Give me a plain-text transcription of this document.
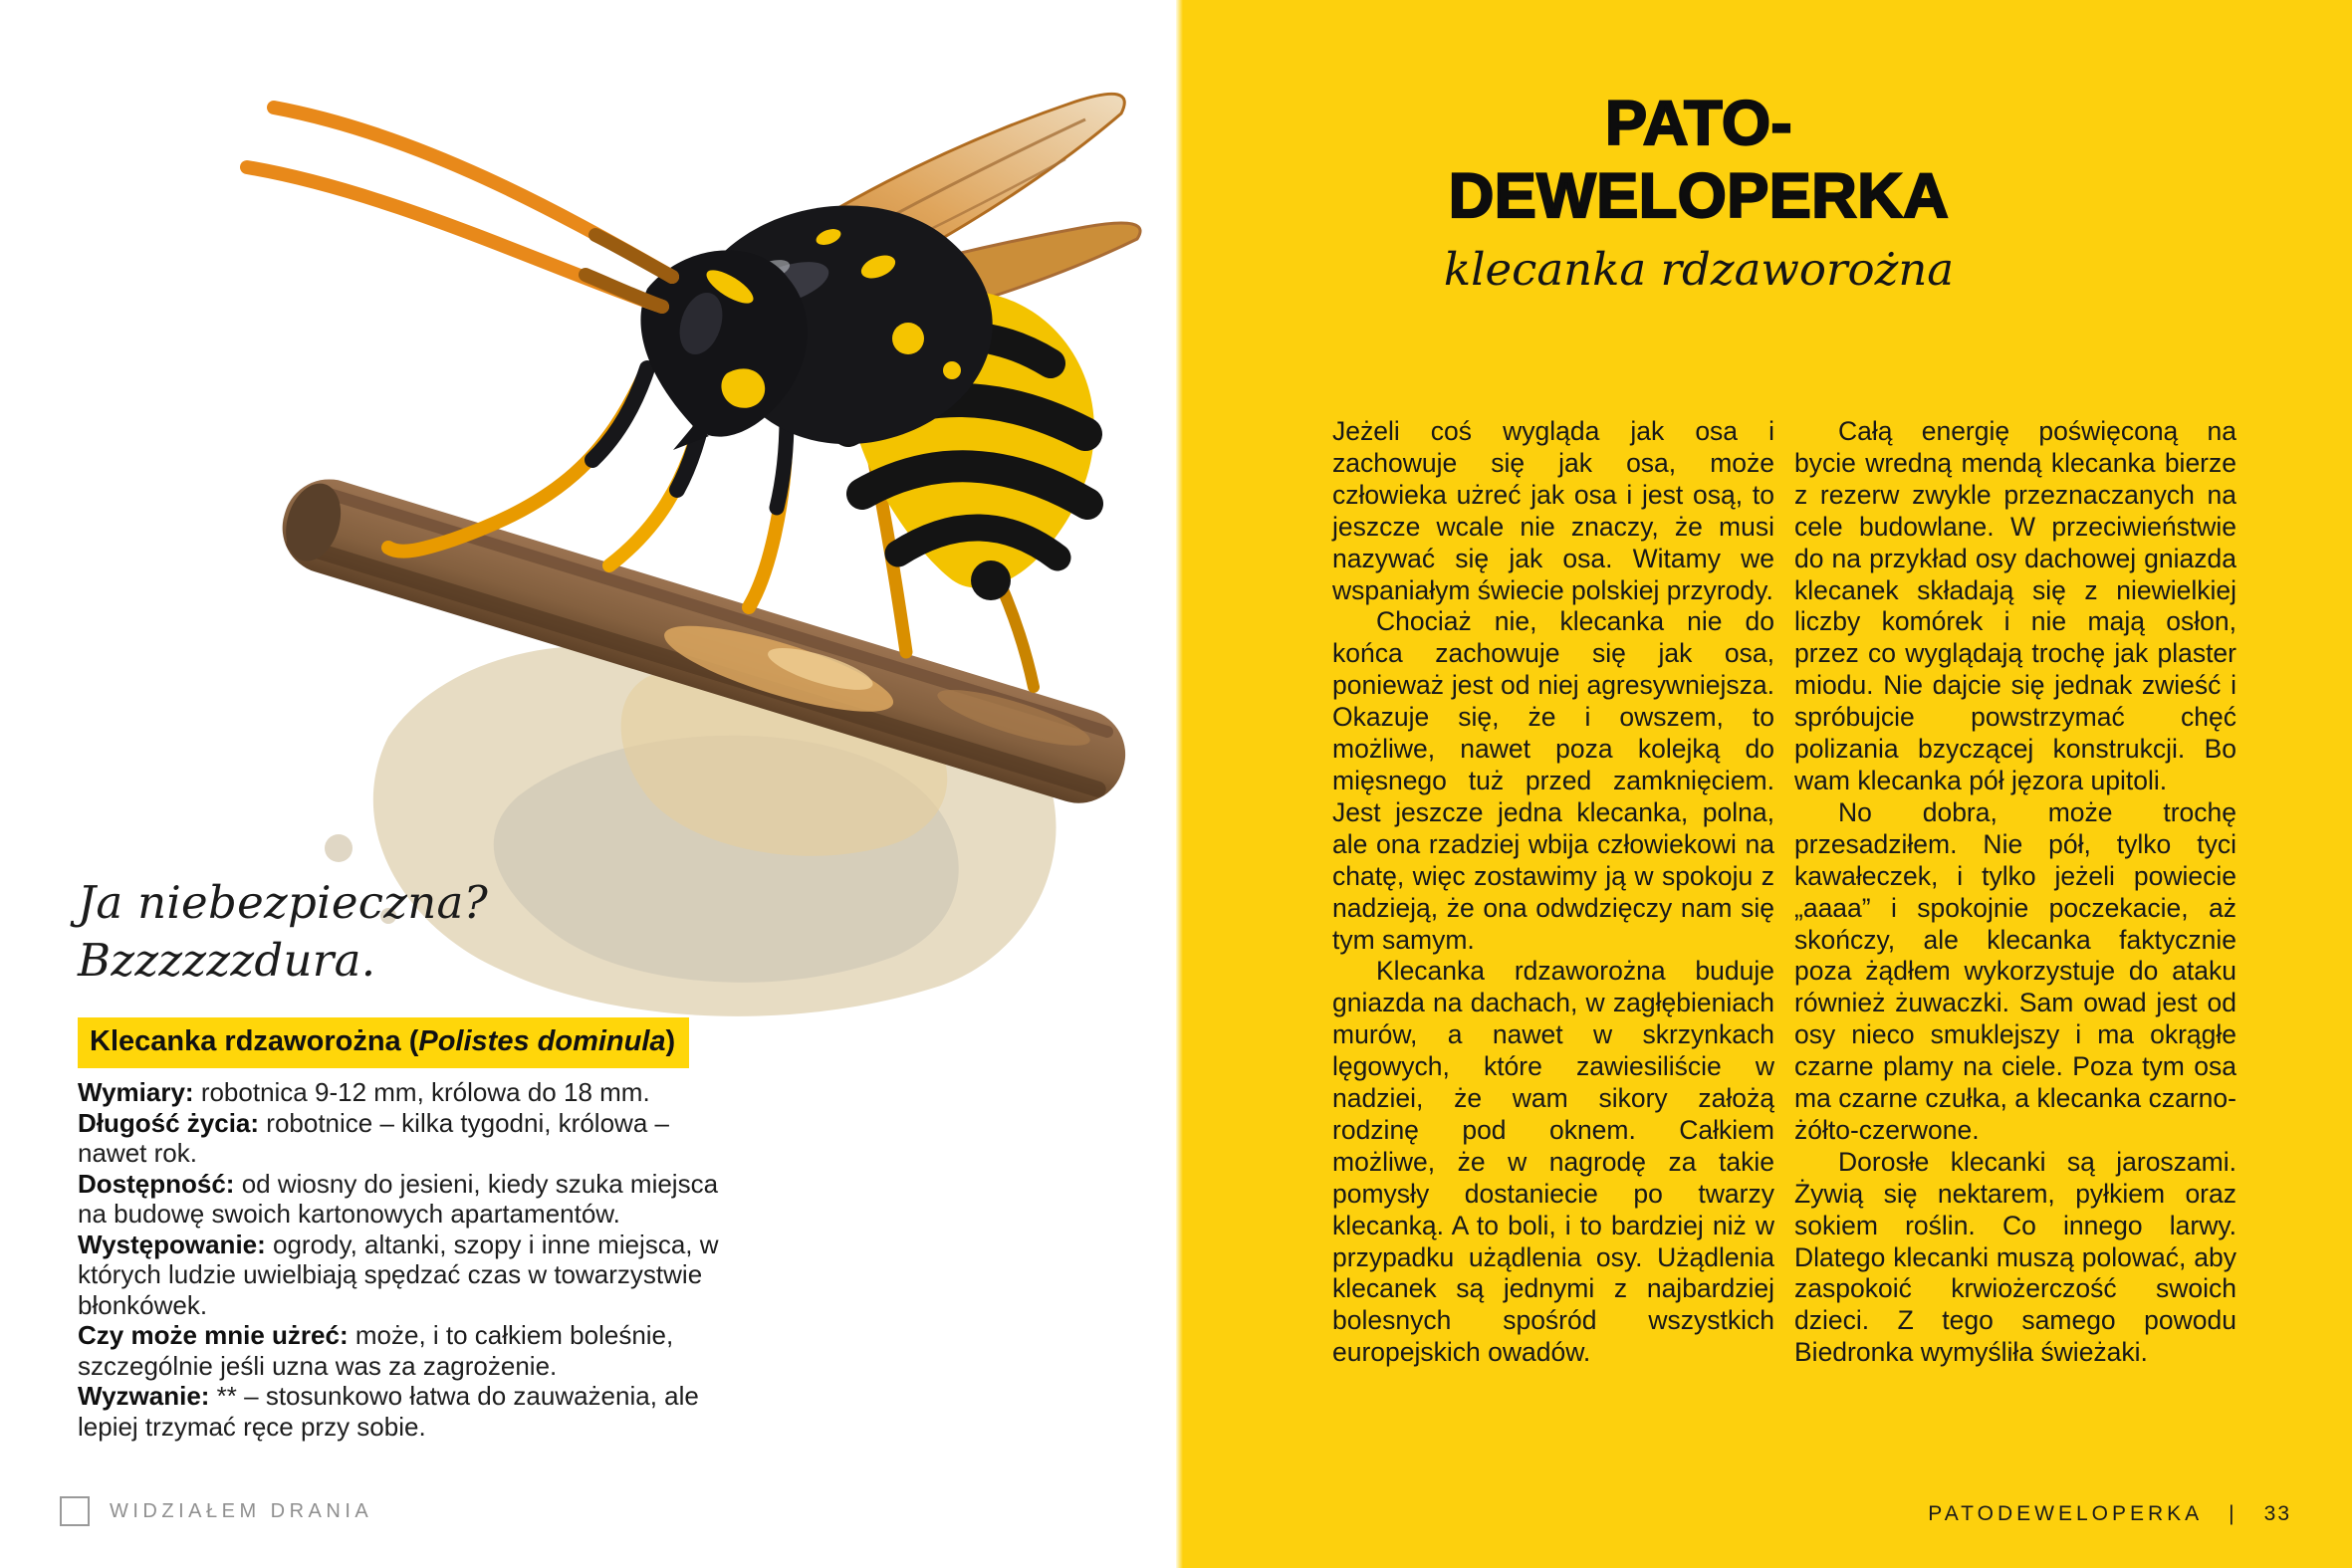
Ja niebezpieczna?
Bzzzzzzdura.
Klecanka rdzaworożna (Polistes dominula)

Wymiary: robotnica 9-12 mm, królowa do 18 mm.

Długość życia: robotnice – kilka tygodni, królowa – nawet rok.

Dostępność: od wiosny do jesieni, kiedy szuka miejsca na budowę swoich kartonowych apartamentów.

Występowanie: ogrody, altanki, szopy i inne miejsca, w których ludzie uwielbiają spędzać czas w towarzystwie błonkówek.

Czy może mnie użreć: może, i to całkiem boleśnie, szczególnie jeśli uzna was za zagrożenie.

Wyzwanie: ** – stosunkowo łatwa do zauważenia, ale lepiej trzymać ręce przy sobie.

WIDZIAŁEM DRANIA
PATO-
DEWELOPERKA
klecanka rdzaworożna

Jeżeli coś wygląda jak osa i zachowuje się jak osa, może człowieka użreć jak osa i jest osą, to jeszcze wcale nie znaczy, że musi nazywać się jak osa. Witamy we wspaniałym świecie polskiej przyrody.

Chociaż nie, klecanka nie do końca zachowuje się jak osa, ponieważ jest od niej agresywniejsza. Okazuje się, że i owszem, to możliwe, nawet poza kolejką do mięsnego tuż przed zamknięciem. Jest jeszcze jedna klecanka, polna, ale ona rzadziej wbija człowiekowi na chatę, więc zostawimy ją w spokoju z nadzieją, że ona odwdzięczy nam się tym samym.

Klecanka rdzaworożna buduje gniazda na dachach, w zagłębieniach murów, a nawet w skrzynkach lęgowych, które zawiesiliście w nadziei, że wam sikory założą rodzinę pod oknem. Całkiem możliwe, że w nagrodę za takie pomysły dostaniecie po twarzy klecanką. A to boli, i to bardziej niż w przypadku użądlenia osy. Użądlenia klecanek są jednymi z najbardziej bolesnych spośród wszystkich europejskich owadów.

Całą energię poświęconą na bycie wredną mendą klecanka bierze z rezerw zwykle przeznaczanych na cele budowlane. W przeciwieństwie do na przykład osy dachowej gniazda klecanek składają się z niewielkiej liczby komórek i nie mają osłon, przez co wyglądają trochę jak plaster miodu. Nie dajcie się jednak zwieść i spróbujcie powstrzymać chęć polizania bzyczącej konstrukcji. Bo wam klecanka pół jęzora upitoli.

No dobra, może trochę przesadziłem. Nie pół, tylko tyci kawałeczek, i tylko jeżeli powiecie „aaaa” i spokojnie poczekacie, aż skończy, ale klecanka faktycznie poza żądłem wykorzystuje do ataku również żuwaczki. Sam owad jest od osy nieco smuklejszy i ma okrągłe czarne plamy na ciele. Poza tym osa ma czarne czułka, a klecanka czarno-żółto-czerwone.

Dorosłe klecanki są jaroszami. Żywią się nektarem, pyłkiem oraz sokiem roślin. Co innego larwy. Dlatego klecanki muszą polować, aby zaspokoić krwiożerczość swoich dzieci. Z tego samego powodu Biedronka wymyśliła świeżaki.

PATODEWELOPERKA | 33
